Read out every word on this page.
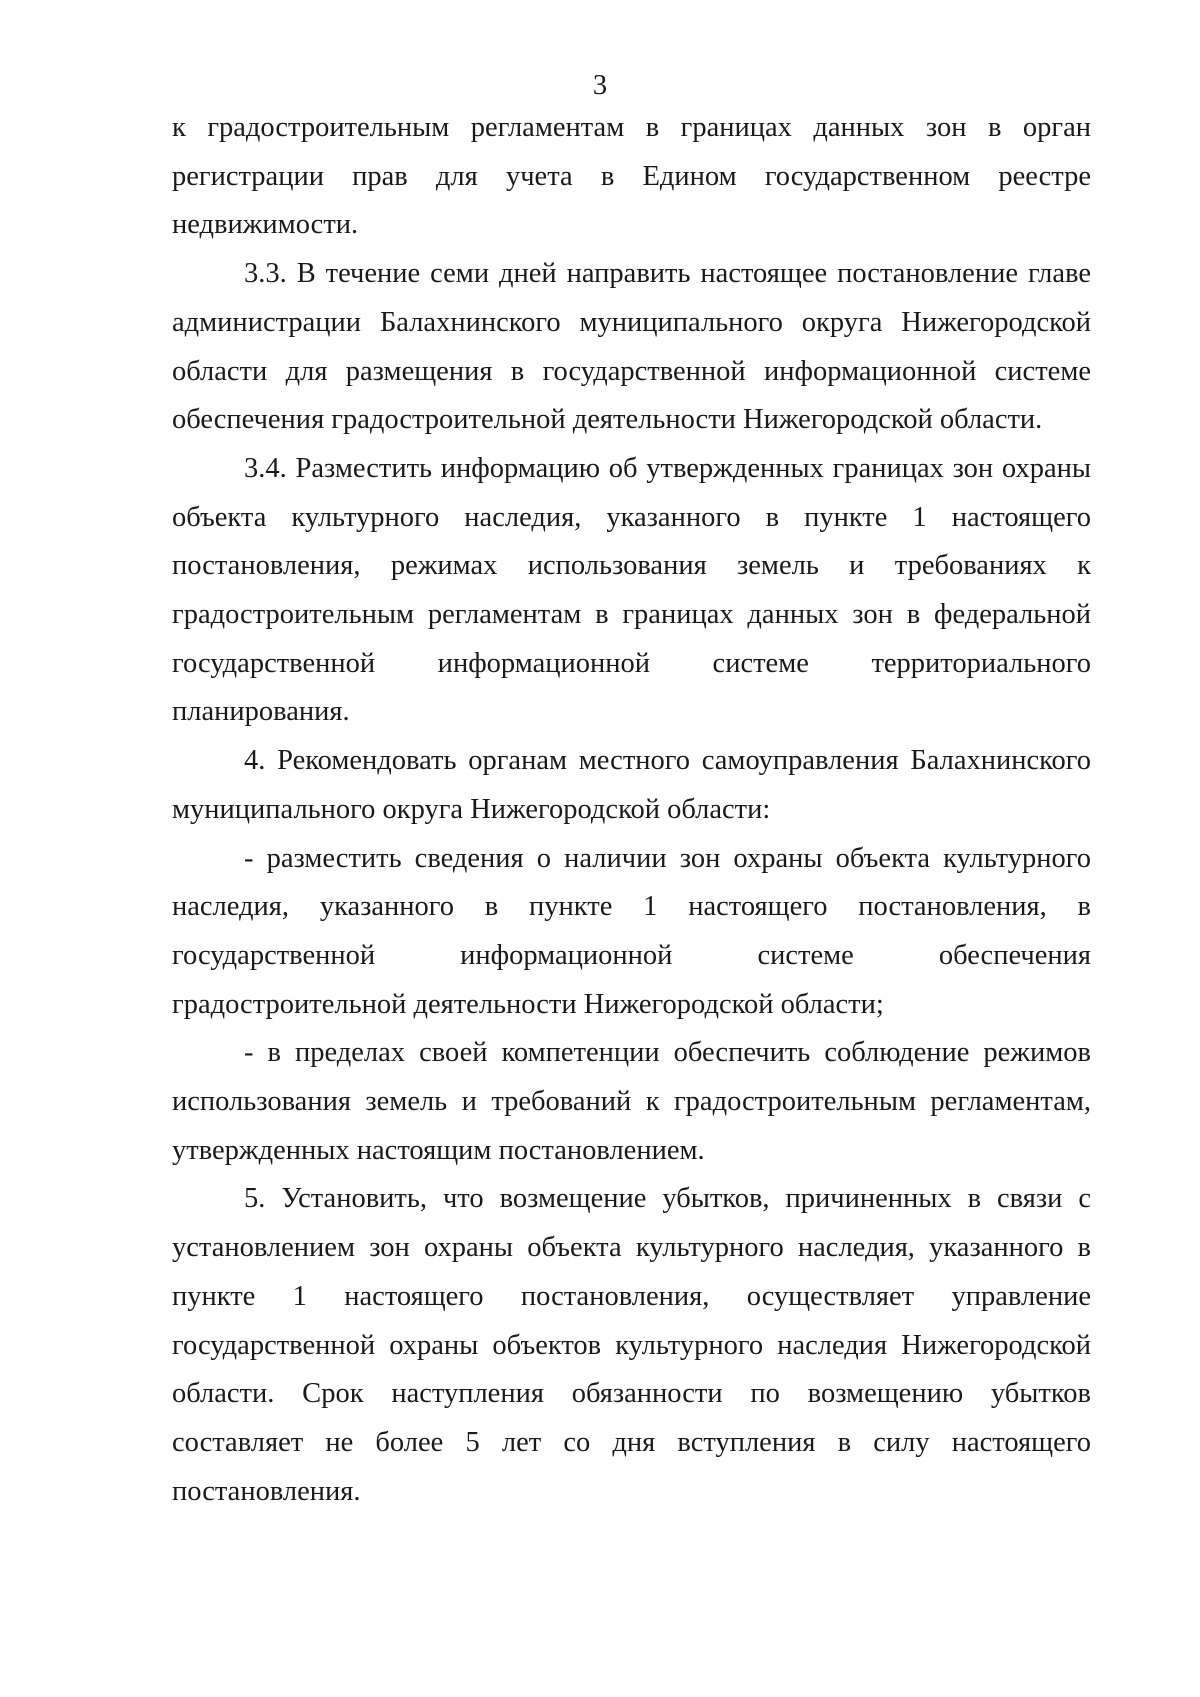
3

к градостроительным регламентам в границах данных зон в орган регистрации прав для учета в Едином государственном реестре недвижимости.

3.3. В течение семи дней направить настоящее постановление главе администрации Балахнинского муниципального округа Нижегородской области для размещения в государственной информационной системе обеспечения градостроительной деятельности Нижегородской области.

3.4. Разместить информацию об утвержденных границах зон охраны объекта культурного наследия, указанного в пункте 1 настоящего постановления, режимах использования земель и требованиях к градостроительным регламентам в границах данных зон в федеральной государственной информационной системе территориального планирования.

4. Рекомендовать органам местного самоуправления Балахнинского муниципального округа Нижегородской области:

- разместить сведения о наличии зон охраны объекта культурного наследия, указанного в пункте 1 настоящего постановления, в государственной информационной системе обеспечения градостроительной деятельности Нижегородской области;

- в пределах своей компетенции обеспечить соблюдение режимов использования земель и требований к градостроительным регламентам, утвержденных настоящим постановлением.

5. Установить, что возмещение убытков, причиненных в связи с установлением зон охраны объекта культурного наследия, указанного в пункте 1 настоящего постановления, осуществляет управление государственной охраны объектов культурного наследия Нижегородской области. Срок наступления обязанности по возмещению убытков составляет не более 5 лет со дня вступления в силу настоящего постановления.
